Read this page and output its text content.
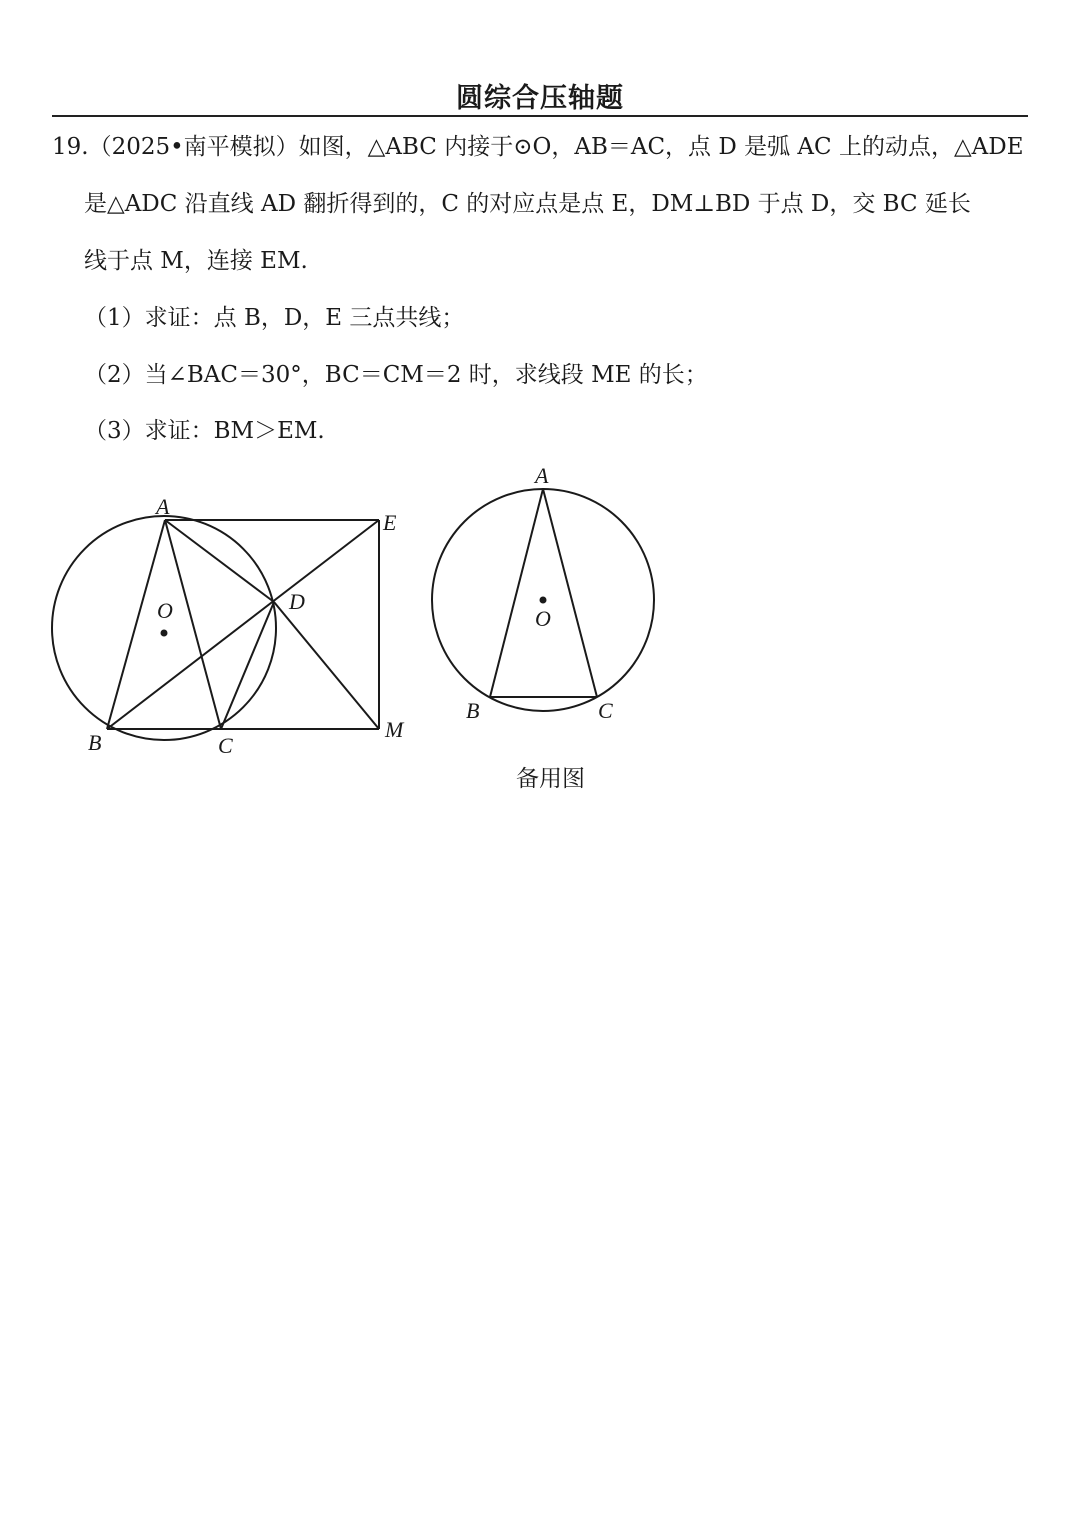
圆综合压轴题
19.（2025•南平模拟）如图，△ABC 内接于⊙O，AB＝AC，点 D 是弧 AC 上的动点，△ADE
是△ADC 沿直线 AD 翻折得到的，C 的对应点是点 E，DM⊥BD 于点 D，交 BC 延长
线于点 M，连接 EM.
（1）求证：点 B，D，E 三点共线；
（2）当∠BAC＝30°，BC＝CM＝2 时，求线段 ME 的长；
（3）求证：BM＞EM.
A
B	C
D
E
M
O
A
B	C
O
备用图
